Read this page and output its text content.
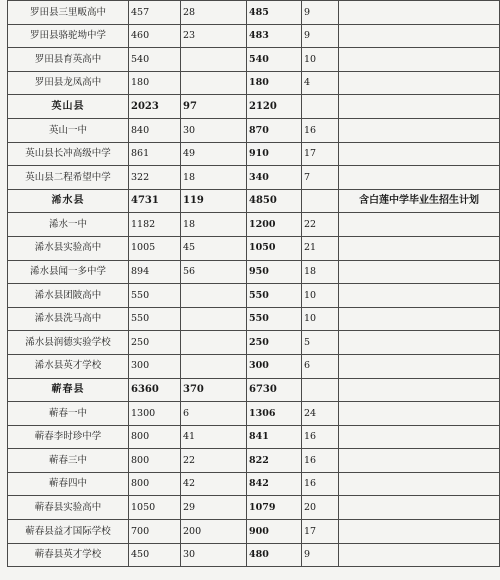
罗田县三里畈高中	457	28	485	9	
罗田县骆驼坳中学	460	23	483	9	
罗田县育英高中	540		540	10	
罗田县龙凤高中	180		180	4	
英山县	2023	97	2120		
英山一中	840	30	870	16	
英山县长冲高级中学	861	49	910	17	
英山县二程希望中学	322	18	340	7	
浠水县	4731	119	4850		含白莲中学毕业生招生计划
浠水一中	1182	18	1200	22	
浠水县实验高中	1005	45	1050	21	
浠水县闻一多中学	894	56	950	18	
浠水县团陂高中	550		550	10	
浠水县洗马高中	550		550	10	
浠水县润德实验学校	250		250	5	
浠水县英才学校	300		300	6	
蕲春县	6360	370	6730		
蕲春一中	1300	6	1306	24	
蕲春李时珍中学	800	41	841	16	
蕲春三中	800	22	822	16	
蕲春四中	800	42	842	16	
蕲春县实验高中	1050	29	1079	20	
蕲春县益才国际学校	700	200	900	17	
蕲春县英才学校	450	30	480	9	
